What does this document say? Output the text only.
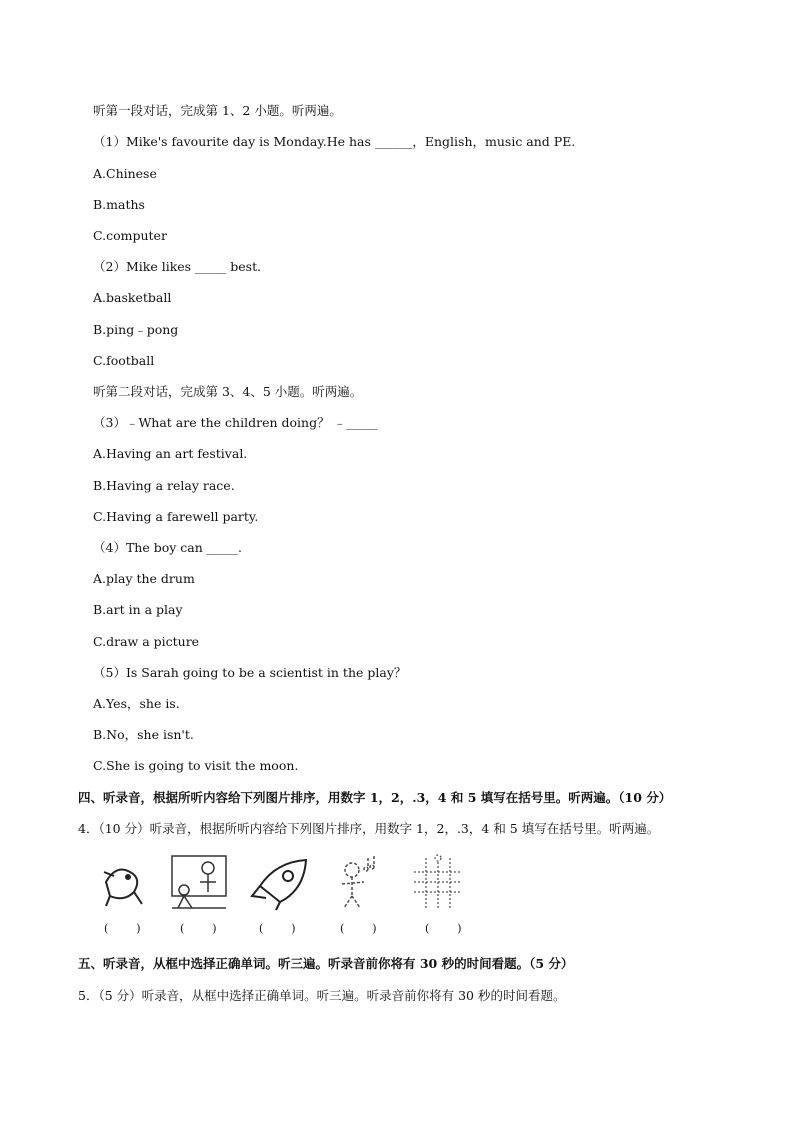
听第一段对话，完成第 1、2 小题。听两遍。
（1）Mike's favourite day is Monday.He has ______，English，music and PE.
A.Chinese
B.maths
C.computer
（2）Mike likes _____ best.
A.basketball
B.ping﹣pong
C.football
听第二段对话，完成第 3、4、5 小题。听两遍。
（3）﹣What are the children doing？ ﹣_____
A.Having an art festival.
B.Having a relay race.
C.Having a farewell party.
（4）The boy can _____.
A.play the drum
B.art in a play
C.draw a picture
（5）Is Sarah going to be a scientist in the play？
A.Yes，she is.
B.No，she isn't.
C.She is going to visit the moon.
四、听录音，根据所听内容给下列图片排序，用数字 1，2，.3，4 和 5 填写在括号里。听两遍。（10 分）
4．（10 分）听录音，根据所听内容给下列图片排序，用数字 1，2，.3，4 和 5 填写在括号里。听两遍。
(        )	(        )	(        )	(        )	(        )
五、听录音，从框中选择正确单词。听三遍。听录音前你将有 30 秒的时间看题。（5 分）
5．（5 分）听录音，从框中选择正确单词。听三遍。听录音前你将有 30 秒的时间看题。
